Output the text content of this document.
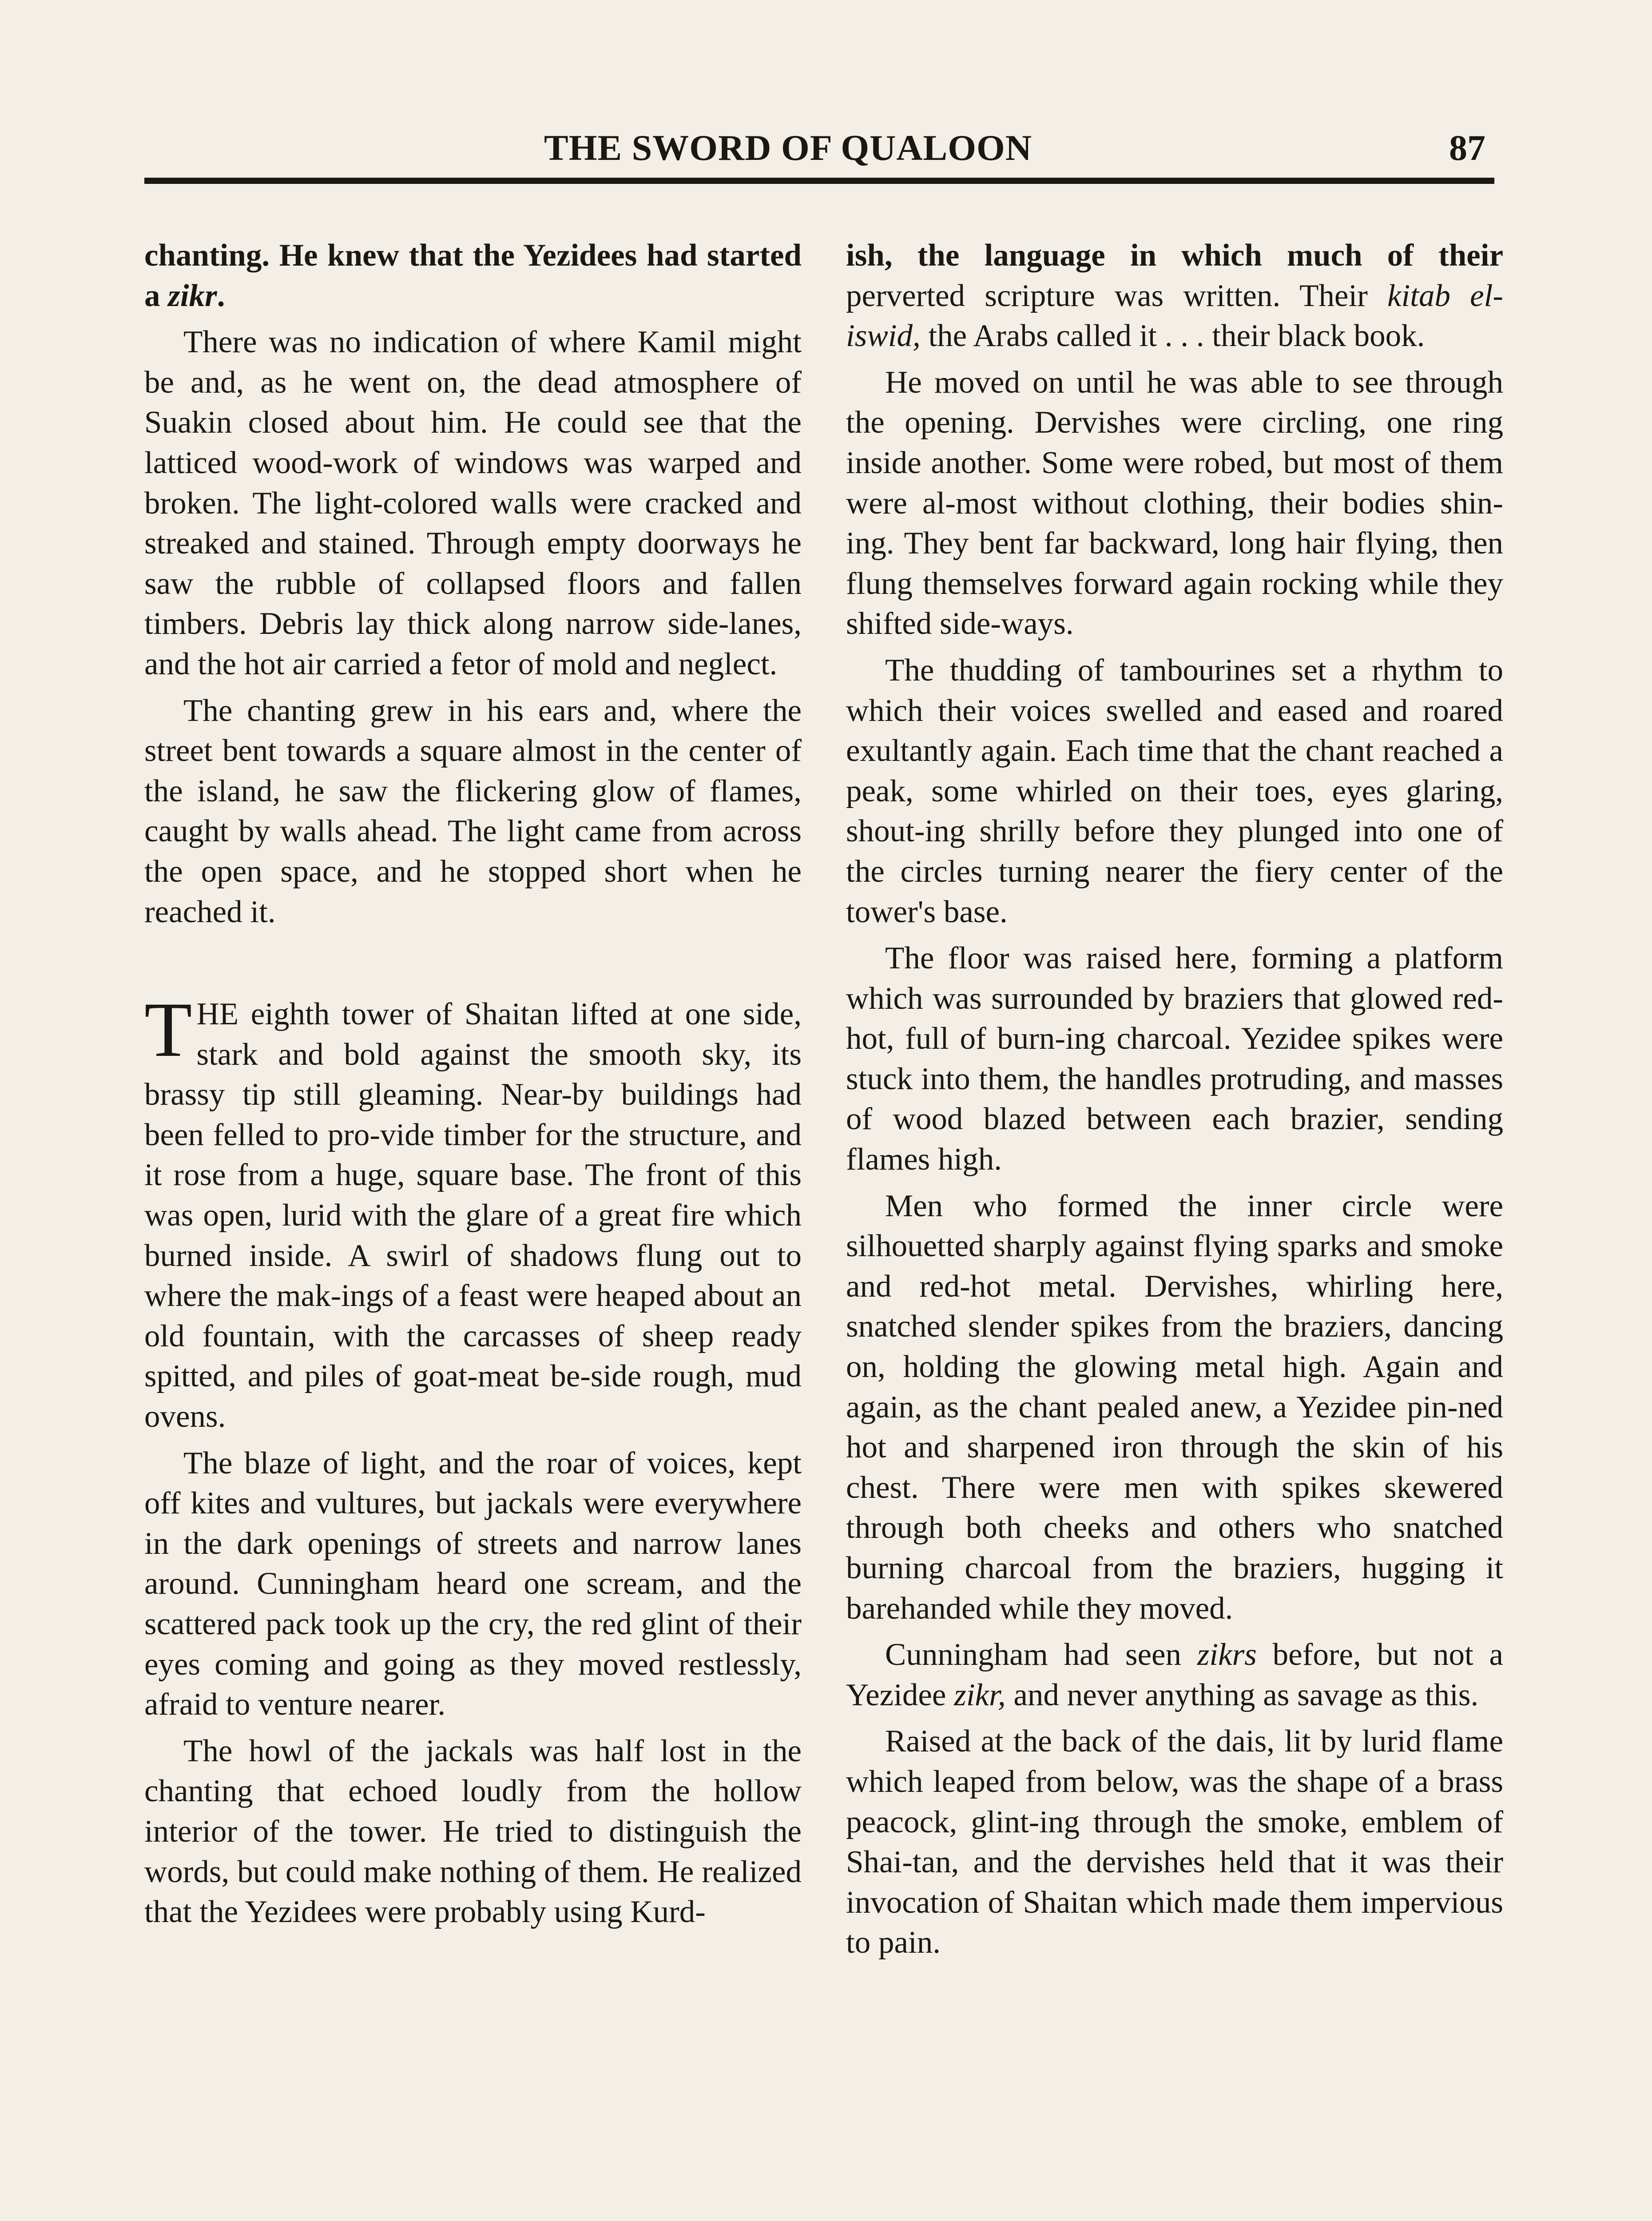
THE SWORD OF QUALOON	87

chanting. He knew that the Yezidees had started a zikr.

There was no indication of where Kamil might be and, as he went on, the dead atmosphere of Suakin closed about him. He could see that the latticed wood-work of windows was warped and broken. The light-colored walls were cracked and streaked and stained. Through empty doorways he saw the rubble of collapsed floors and fallen timbers. Debris lay thick along narrow side-lanes, and the hot air carried a fetor of mold and neglect.

The chanting grew in his ears and, where the street bent towards a square almost in the center of the island, he saw the flickering glow of flames, caught by walls ahead. The light came from across the open space, and he stopped short when he reached it.

THE eighth tower of Shaitan lifted at one side, stark and bold against the smooth sky, its brassy tip still gleaming. Near-by buildings had been felled to pro-vide timber for the structure, and it rose from a huge, square base. The front of this was open, lurid with the glare of a great fire which burned inside. A swirl of shadows flung out to where the mak-ings of a feast were heaped about an old fountain, with the carcasses of sheep ready spitted, and piles of goat-meat be-side rough, mud ovens.

The blaze of light, and the roar of voices, kept off kites and vultures, but jackals were everywhere in the dark openings of streets and narrow lanes around. Cunningham heard one scream, and the scattered pack took up the cry, the red glint of their eyes coming and going as they moved restlessly, afraid to venture nearer.

The howl of the jackals was half lost in the chanting that echoed loudly from the hollow interior of the tower. He tried to distinguish the words, but could make nothing of them. He realized that the Yezidees were probably using Kurd-

ish, the language in which much of their perverted scripture was written. Their kitab el-iswid, the Arabs called it . . . their black book.

He moved on until he was able to see through the opening. Dervishes were circling, one ring inside another. Some were robed, but most of them were al-most without clothing, their bodies shin-ing. They bent far backward, long hair flying, then flung themselves forward again rocking while they shifted side-ways.

The thudding of tambourines set a rhythm to which their voices swelled and eased and roared exultantly again. Each time that the chant reached a peak, some whirled on their toes, eyes glaring, shout-ing shrilly before they plunged into one of the circles turning nearer the fiery center of the tower's base.

The floor was raised here, forming a platform which was surrounded by braziers that glowed red-hot, full of burn-ing charcoal. Yezidee spikes were stuck into them, the handles protruding, and masses of wood blazed between each brazier, sending flames high.

Men who formed the inner circle were silhouetted sharply against flying sparks and smoke and red-hot metal. Dervishes, whirling here, snatched slender spikes from the braziers, dancing on, holding the glowing metal high. Again and again, as the chant pealed anew, a Yezidee pin-ned hot and sharpened iron through the skin of his chest. There were men with spikes skewered through both cheeks and others who snatched burning charcoal from the braziers, hugging it barehanded while they moved.

Cunningham had seen zikrs before, but not a Yezidee zikr, and never anything as savage as this.

Raised at the back of the dais, lit by lurid flame which leaped from below, was the shape of a brass peacock, glint-ing through the smoke, emblem of Shai-tan, and the dervishes held that it was their invocation of Shaitan which made them impervious to pain.
